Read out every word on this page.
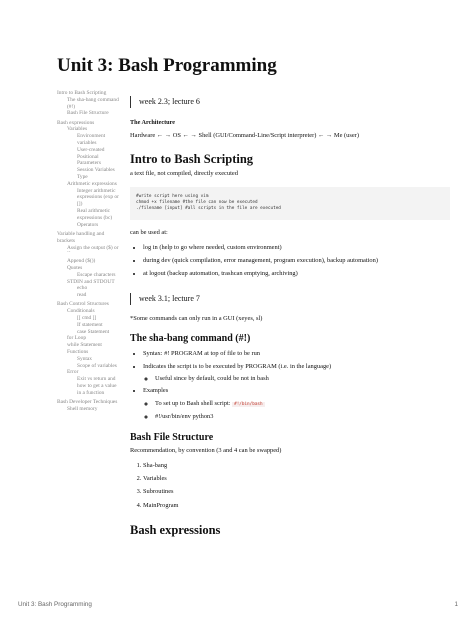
Unit 3: Bash Programming
Intro to Bash Scripting
The sha-bang command (#!)
Bash File Structure
Bash expressions
Variables
Environment variables
User-created
Positional Parameters
Session Variables
Type
Arithmetic expressions
Integer arithmetic expressions (exp or [])
Real arithmetic expressions (bc)
Operators
Variable handling and brackets
Assign the output ($) or ``
Append ($())
Quotes
Escape characters
STDIN and STDOUT
echo
read
Bash Control Structures
Conditionals
[[ cmd ]]
If statement
case Statement
for Loop
while Statement
Functions
Syntax
Scope of variables
Error
Exit vs return and how to get a value in a function
Bash Developer Techniques
Shell memory
week 2.3; lecture 6

The Architecture

Hardware ← → OS ← → Shell (GUI/Command-Line/Script interpreter) ← → Me (user)

Intro to Bash Scripting

a text file, not compiled, directly executed

#write script here using vim
chmod +x filename #the file can now be executed
./filename [input] #all scripts in the file are executed

can be used at:

• log in (help to go where needed, custom environment)
• during dev (quick compilation, error management, program execution), backup automation)
• at logout (backup automation, trashcan emptying, archiving)
week 3.1; lecture 7

*Some commands can only run in a GUI (xeyes, sl)

The sha-bang command (#!)
• Syntax: #! PROGRAM at top of file to be run
• Indicates the script is to be executed by PROGRAM (i.e. in the language)
◦ Useful since by default, could be not in bash
• Examples
◦ To set up to Bash shell script: #!/bin/bash
◦ #!/usr/bin/env python3
Bash File Structure

Recommendation, by convention (3 and 4 can be swapped)

1. Sha-bang
2. Variables
3. Subroutines
4. MainProgram
Bash expressions
Unit 3: Bash Programming	1
